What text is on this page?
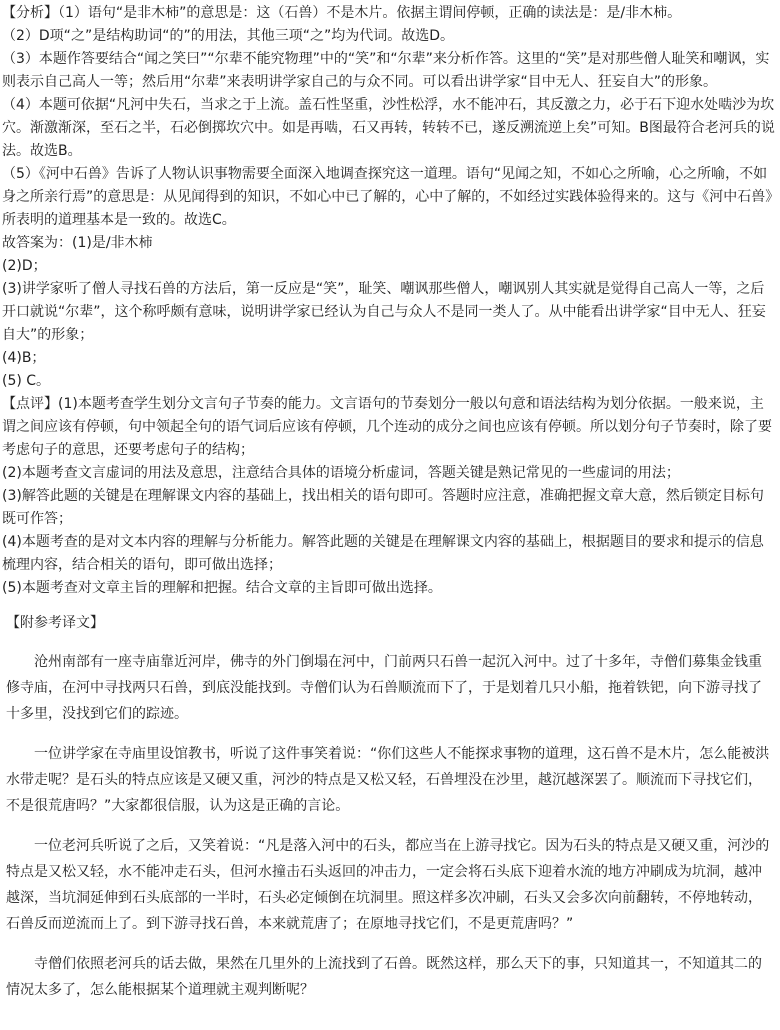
【分析】（1）语句“是非木柿”的意思是：这（石兽）不是木片。依据主谓间停顿，正确的读法是：是/非木柿。

（2）D项“之”是结构助词“的”的用法，其他三项“之”均为代词。故选D。

（3）本题作答要结合“闻之笑曰”“尔辈不能究物理”中的“笑”和“尔辈”来分析作答。这里的“笑”是对那些僧人耻笑和嘲讽，实则表示自己高人一等；然后用“尔辈”来表明讲学家自己的与众不同。可以看出讲学家“目中无人、狂妄自大”的形象。

（4）本题可依据“凡河中失石，当求之于上流。盖石性坚重，沙性松浮，水不能冲石，其反激之力，必于石下迎水处啮沙为坎穴。渐激渐深，至石之半，石必倒掷坎穴中。如是再啮，石又再转，转转不已，遂反溯流逆上矣”可知。B图最符合老河兵的说法。故选B。

（5）《河中石兽》告诉了人物认识事物需要全面深入地调查探究这一道理。语句“见闻之知，不如心之所喻，心之所喻，不如身之所亲行焉”的意思是：从见闻得到的知识，不如心中已了解的，心中了解的，不如经过实践体验得来的。这与《河中石兽》所表明的道理基本是一致的。故选C。

故答案为：(1)是/非木柿

(2)D；

(3)讲学家听了僧人寻找石兽的方法后，第一反应是“笑”，耻笑、嘲讽那些僧人，嘲讽别人其实就是觉得自己高人一等，之后开口就说“尔辈”，这个称呼颇有意味，说明讲学家已经认为自己与众人不是同一类人了。从中能看出讲学家“目中无人、狂妄自大”的形象；

(4)B；

(5) C。

【点评】(1)本题考查学生划分文言句子节奏的能力。文言语句的节奏划分一般以句意和语法结构为划分依据。一般来说，主谓之间应该有停顿，句中领起全句的语气词后应该有停顿，几个连动的成分之间也应该有停顿。所以划分句子节奏时，除了要考虑句子的意思，还要考虑句子的结构；

(2)本题考查文言虚词的用法及意思，注意结合具体的语境分析虚词，答题关键是熟记常见的一些虚词的用法；

(3)解答此题的关键是在理解课文内容的基础上，找出相关的语句即可。答题时应注意，准确把握文章大意，然后锁定目标句既可作答；

(4)本题考查的是对文本内容的理解与分析能力。解答此题的关键是在理解课文内容的基础上，根据题目的要求和提示的信息梳理内容，结合相关的语句，即可做出选择；

(5)本题考查对文章主旨的理解和把握。结合文章的主旨即可做出选择。

【附参考译文】

沧州南部有一座寺庙靠近河岸，佛寺的外门倒塌在河中，门前两只石兽一起沉入河中。过了十多年，寺僧们募集金钱重修寺庙，在河中寻找两只石兽，到底没能找到。寺僧们认为石兽顺流而下了，于是划着几只小船，拖着铁钯，向下游寻找了十多里，没找到它们的踪迹。

一位讲学家在寺庙里设馆教书，听说了这件事笑着说：“你们这些人不能探求事物的道理，这石兽不是木片，怎么能被洪水带走呢？是石头的特点应该是又硬又重，河沙的特点是又松又轻，石兽埋没在沙里，越沉越深罢了。顺流而下寻找它们，不是很荒唐吗？”大家都很信服，认为这是正确的言论。

一位老河兵听说了之后，又笑着说：“凡是落入河中的石头，都应当在上游寻找它。因为石头的特点是又硬又重，河沙的特点是又松又轻，水不能冲走石头，但河水撞击石头返回的冲击力，一定会将石头底下迎着水流的地方冲刷成为坑洞，越冲越深，当坑洞延伸到石头底部的一半时，石头必定倾倒在坑洞里。照这样多次冲刷，石头又会多次向前翻转，不停地转动，石兽反而逆流而上了。到下游寻找石兽，本来就荒唐了；在原地寻找它们，不是更荒唐吗？”

寺僧们依照老河兵的话去做，果然在几里外的上流找到了石兽。既然这样，那么天下的事，只知道其一，不知道其二的情况太多了，怎么能根据某个道理就主观判断呢？
